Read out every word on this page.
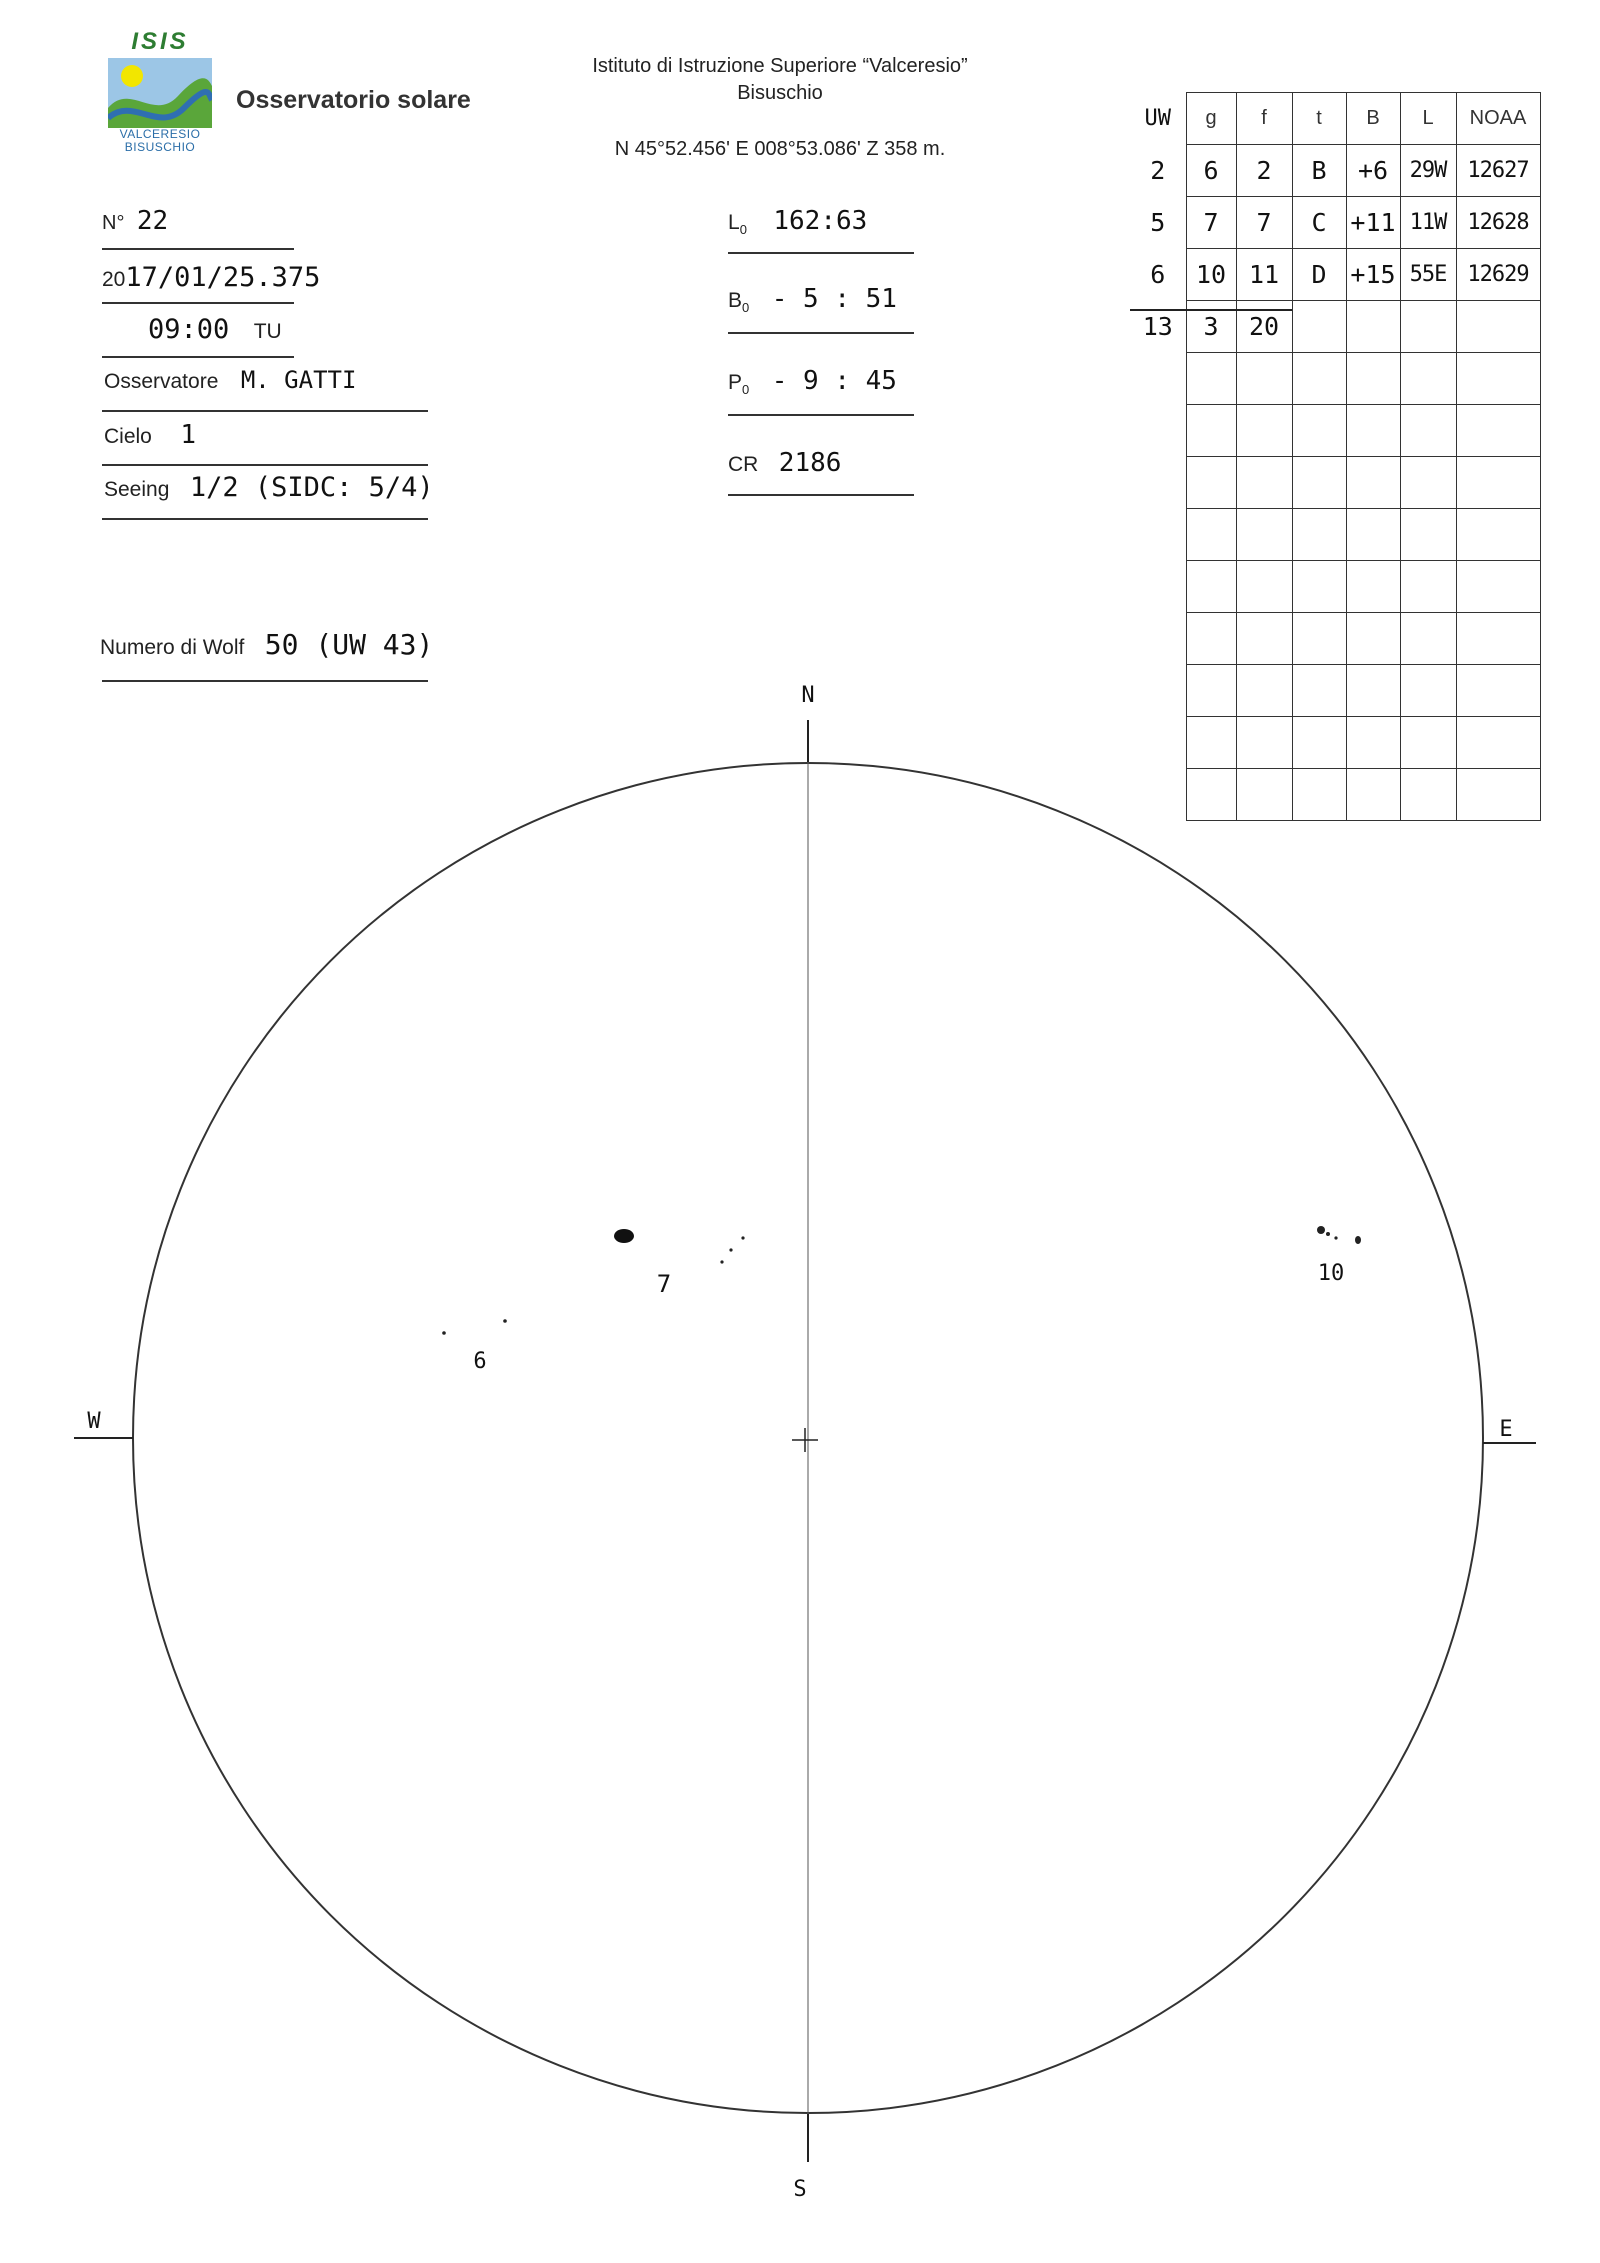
ISIS
VALCERESIO
BISUSCHIO
Osservatorio solare
Istituto di Istruzione Superiore “Valceresio”
Bisuschio
N 45°52.456' E 008°53.086' Z 358 m.
N° 22
2017/01/25.375
09:00 TU
Osservatore M. GATTI
Cielo 1
Seeing 1/2 (SIDC: 5/4)
Numero di Wolf 50 (UW 43)
$L_0$ 162:63
$B_0 - 5$ : 51
$P_0 - 9$ : 45
CR 2186
UW	g	f	t	B	L	NOAA
2	6	2	B	+6	29W	12627
5	7	7	C	+11	11W	12628
6	10	11	D	+15	55E	12629
13	3	20				

N
S
W	E
7
6
10
